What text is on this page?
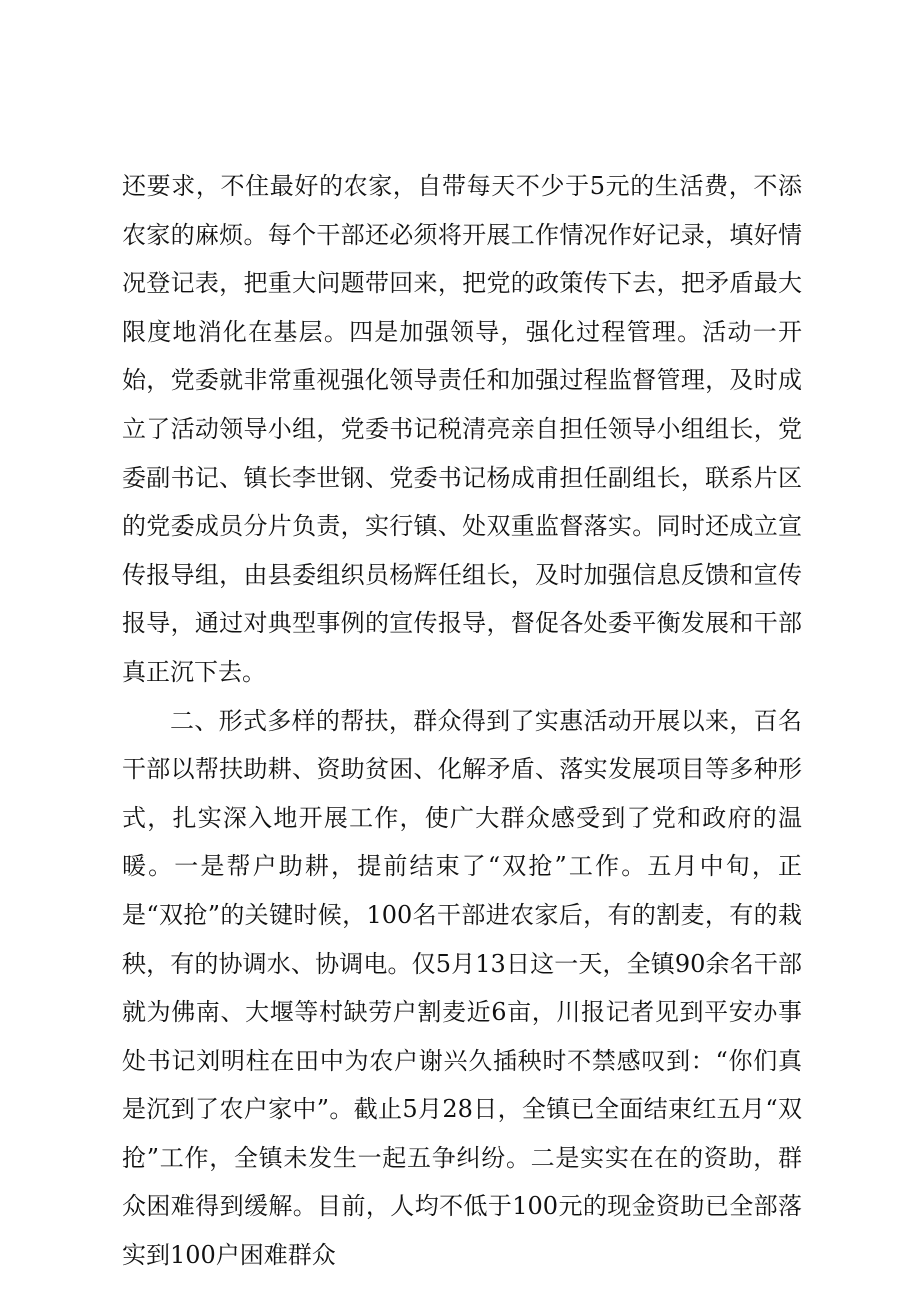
还要求，不住最好的农家，自带每天不少于5元的生活费，不添农家的麻烦。每个干部还必须将开展工作情况作好记录，填好情况登记表，把重大问题带回来，把党的政策传下去，把矛盾最大限度地消化在基层。四是加强领导，强化过程管理。活动一开始，党委就非常重视强化领导责任和加强过程监督管理，及时成立了活动领导小组，党委书记税清亮亲自担任领导小组组长，党委副书记、镇长李世钢、党委书记杨成甫担任副组长，联系片区的党委成员分片负责，实行镇、处双重监督落实。同时还成立宣传报导组，由县委组织员杨辉任组长，及时加强信息反馈和宣传报导，通过对典型事例的宣传报导，督促各处委平衡发展和干部真正沉下去。

二、形式多样的帮扶，群众得到了实惠活动开展以来，百名干部以帮扶助耕、资助贫困、化解矛盾、落实发展项目等多种形式，扎实深入地开展工作，使广大群众感受到了党和政府的温暖。一是帮户助耕，提前结束了“双抢”工作。五月中旬，正是“双抢”的关键时候，100名干部进农家后，有的割麦，有的栽秧，有的协调水、协调电。仅5月13日这一天，全镇90余名干部就为佛南、大堰等村缺劳户割麦近6亩，川报记者见到平安办事处书记刘明柱在田中为农户谢兴久插秧时不禁感叹到：“你们真是沉到了农户家中”。截止5月28日，全镇已全面结束红五月“双抢”工作，全镇未发生一起五争纠纷。二是实实在在的资助，群众困难得到缓解。目前，人均不低于100元的现金资助已全部落实到100户困难群众
